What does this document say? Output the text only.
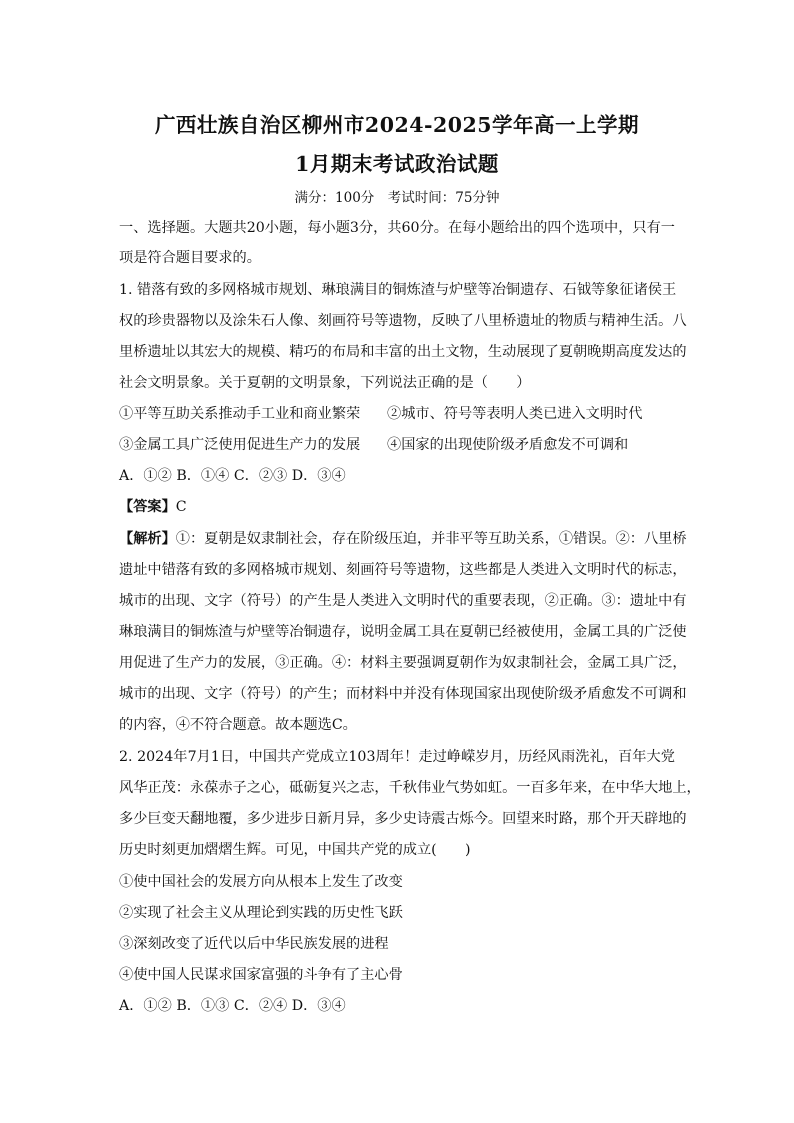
广西壮族自治区柳州市2024-2025学年高一上学期
1月期末考试政治试题
满分：100分　考试时间：75分钟
一、选择题。大题共20小题，每小题3分，共60分。在每小题给出的四个选项中，只有一
项是符合题目要求的。
1. 错落有致的多网格城市规划、琳琅满目的铜炼渣与炉壁等冶铜遗存、石钺等象征诸侯王
权的珍贵器物以及涂朱石人像、刻画符号等遗物，反映了八里桥遗址的物质与精神生活。八
里桥遗址以其宏大的规模、精巧的布局和丰富的出土文物，生动展现了夏朝晚期高度发达的
社会文明景象。关于夏朝的文明景象，下列说法正确的是（　　）
①平等互助关系推动手工业和商业繁荣 ②城市、符号等表明人类已进入文明时代
③金属工具广泛使用促进生产力的发展 ④国家的出现使阶级矛盾愈发不可调和
A．①② B．①④ C．②③ D．③④
【答案】C
【解析】①：夏朝是奴隶制社会，存在阶级压迫，并非平等互助关系，①错误。②：八里桥
遗址中错落有致的多网格城市规划、刻画符号等遗物，这些都是人类进入文明时代的标志，
城市的出现、文字（符号）的产生是人类进入文明时代的重要表现，②正确。③：遗址中有
琳琅满目的铜炼渣与炉壁等冶铜遗存，说明金属工具在夏朝已经被使用，金属工具的广泛使
用促进了生产力的发展，③正确。④：材料主要强调夏朝作为奴隶制社会，金属工具广泛，
城市的出现、文字（符号）的产生；而材料中并没有体现国家出现使阶级矛盾愈发不可调和
的内容，④不符合题意。故本题选C。
2. 2024年7月1日，中国共产党成立103周年！走过峥嵘岁月，历经风雨洗礼，百年大党
风华正茂：永葆赤子之心，砥砺复兴之志，千秋伟业气势如虹。一百多年来，在中华大地上，
多少巨变天翻地覆，多少进步日新月异，多少史诗震古烁今。回望来时路，那个开天辟地的
历史时刻更加熠熠生辉。可见，中国共产党的成立(　　)
①使中国社会的发展方向从根本上发生了改变
②实现了社会主义从理论到实践的历史性飞跃
③深刻改变了近代以后中华民族发展的进程
④使中国人民谋求国家富强的斗争有了主心骨
A．①② B．①③ C．②④ D．③④
